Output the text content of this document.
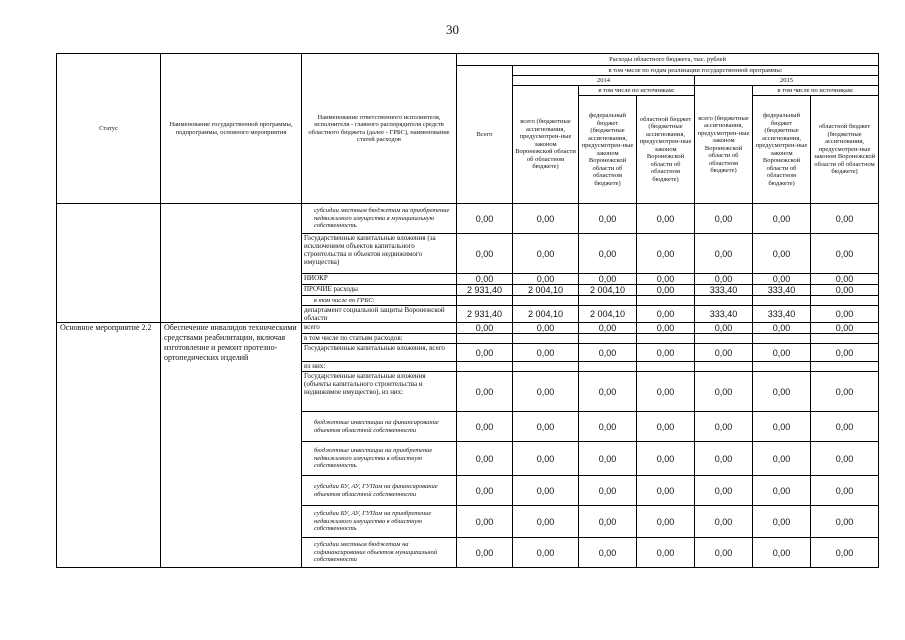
30
Статус	Наименование государственной программы, подпрограммы, основного мероприятия	Наименование ответственного исполнителя, исполнителя - главного распорядителя средств областного бюджета (далее - ГРБС), наименование статей расходов	Расходы областного бюджета, тыс. рублей						
			Всего	в том числе по годам реализации государственной программы:					
				2014			2015		
				всего (бюджетные ассигнования, предусмотрен-ные законом Воронежской области об областном бюджете)	в том числе по источникам:		всего (бюджетные ассигнования, предусмотрен-ные законом Воронежской области об областном бюджете)	в том числе по источникам:	
					федеральный бюджет (бюджетные ассигнования, предусмотрен-ные законом Воронежской области об областном бюджете)	областной бюджет (бюджетные ассигнования, предусмотрен-ные законом Воронежской области об областном бюджете)		федеральный бюджет (бюджетные ассигнования, предусмотрен-ные законом Воронежской области об областном бюджете)	областной бюджет (бюджетные ассигнования, предусмотрен-ные законом Воронежской области об областном бюджете)
		субсидии местным бюджетам на приобретение недвижимого имущества в муниципальную собственность	0,00	0,00	0,00	0,00	0,00	0,00	0,00
		Государственные капитальные вложения (за исключением объектов капитального строительства и объектов недвижимого имущества)	0,00	0,00	0,00	0,00	0,00	0,00	0,00
		НИОКР	0,00	0,00	0,00	0,00	0,00	0,00	0,00
		ПРОЧИЕ расходы	2 931,40	2 004,10	2 004,10	0,00	333,40	333,40	0,00
		в том числе по ГРБС:							
		департамент социальной защиты Воронежской области	2 931,40	2 004,10	2 004,10	0,00	333,40	333,40	0,00
Основное мероприятие 2.2	Обеспечение инвалидов техническими средствами реабилитации, включая изготовление и ремонт протезно-ортопедических изделий	всего	0,00	0,00	0,00	0,00	0,00	0,00	0,00
		в том числе по статьям расходов:							
		Государственные капитальные вложения, всего	0,00	0,00	0,00	0,00	0,00	0,00	0,00
		из них:							
		Государственные капитальные вложения (объекты капитального строительства и недвижимое имущество), из них:	0,00	0,00	0,00	0,00	0,00	0,00	0,00
		бюджетные инвестиции на финансирование объектов областной собственности	0,00	0,00	0,00	0,00	0,00	0,00	0,00
		бюджетные инвестиции на приобретение недвижимого имущества в областную собственность	0,00	0,00	0,00	0,00	0,00	0,00	0,00
		субсидии БУ, АУ, ГУПам на финансирование объектов областной собственности	0,00	0,00	0,00	0,00	0,00	0,00	0,00
		субсидии БУ, АУ, ГУПам на приобретение недвижимого имущества в областную собственность	0,00	0,00	0,00	0,00	0,00	0,00	0,00
		субсидии местным бюджетам на софинансирование объектов муниципальной собственности	0,00	0,00	0,00	0,00	0,00	0,00	0,00
